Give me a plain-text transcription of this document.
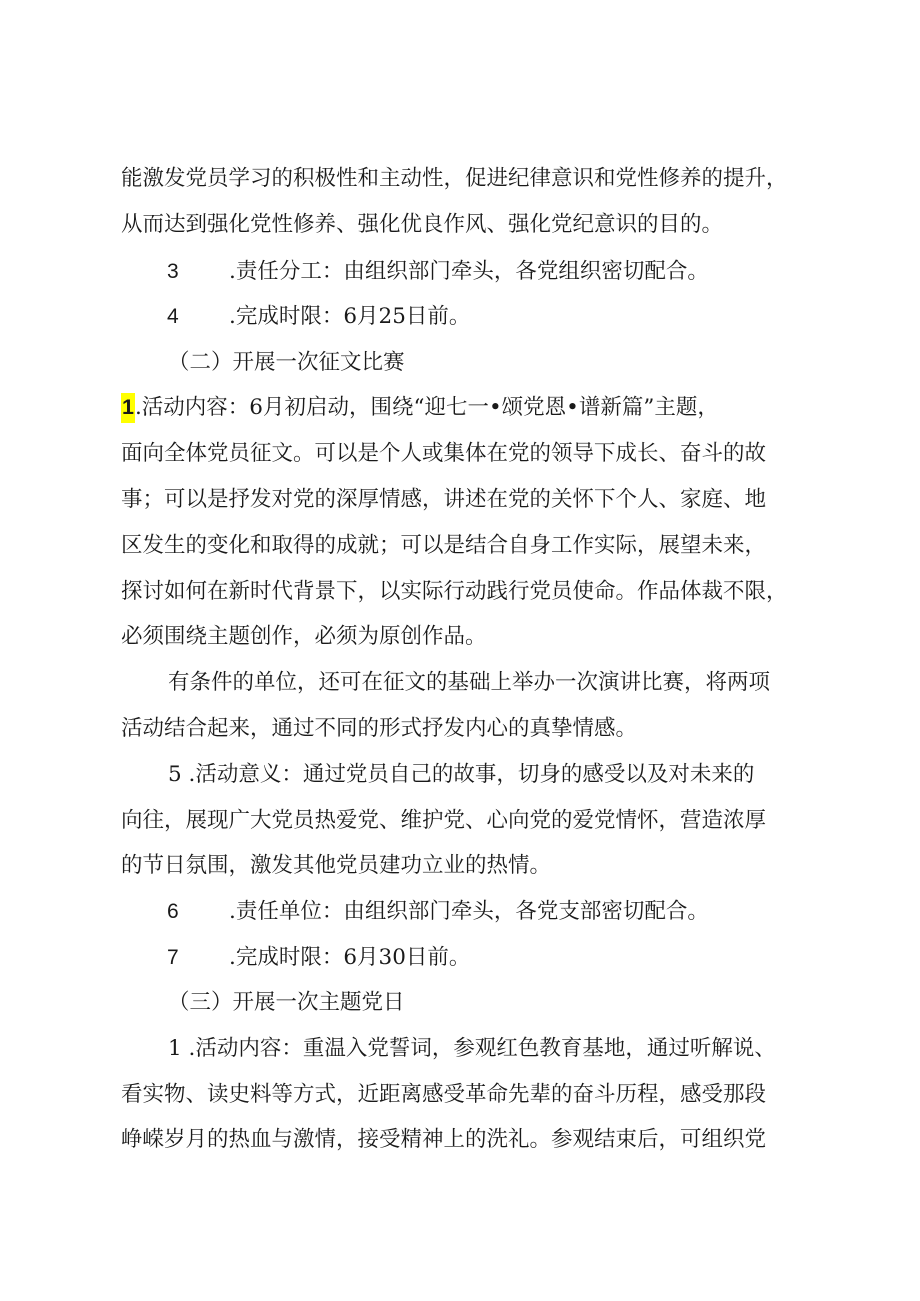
能激发党员学习的积极性和主动性，促进纪律意识和党性修养的提升，
从而达到强化党性修养、强化优良作风、强化党纪意识的目的。
3 .责任分工：由组织部门牵头，各党组织密切配合。
4 .完成时限：6月25日前。
（二）开展一次征文比赛
1.活动内容：6月初启动，围绕“迎七一•颂党恩•谱新篇”主题，
面向全体党员征文。可以是个人或集体在党的领导下成长、奋斗的故
事；可以是抒发对党的深厚情感，讲述在党的关怀下个人、家庭、地
区发生的变化和取得的成就；可以是结合自身工作实际，展望未来，
探讨如何在新时代背景下，以实际行动践行党员使命。作品体裁不限，
必须围绕主题创作，必须为原创作品。
有条件的单位，还可在征文的基础上举办一次演讲比赛，将两项
活动结合起来，通过不同的形式抒发内心的真挚情感。
5 .活动意义：通过党员自己的故事，切身的感受以及对未来的
向往，展现广大党员热爱党、维护党、心向党的爱党情怀，营造浓厚
的节日氛围，激发其他党员建功立业的热情。
6 .责任单位：由组织部门牵头，各党支部密切配合。
7 .完成时限：6月30日前。
（三）开展一次主题党日
1 .活动内容：重温入党誓词，参观红色教育基地，通过听解说、
看实物、读史料等方式，近距离感受革命先辈的奋斗历程，感受那段
峥嵘岁月的热血与激情，接受精神上的洗礼。参观结束后，可组织党
